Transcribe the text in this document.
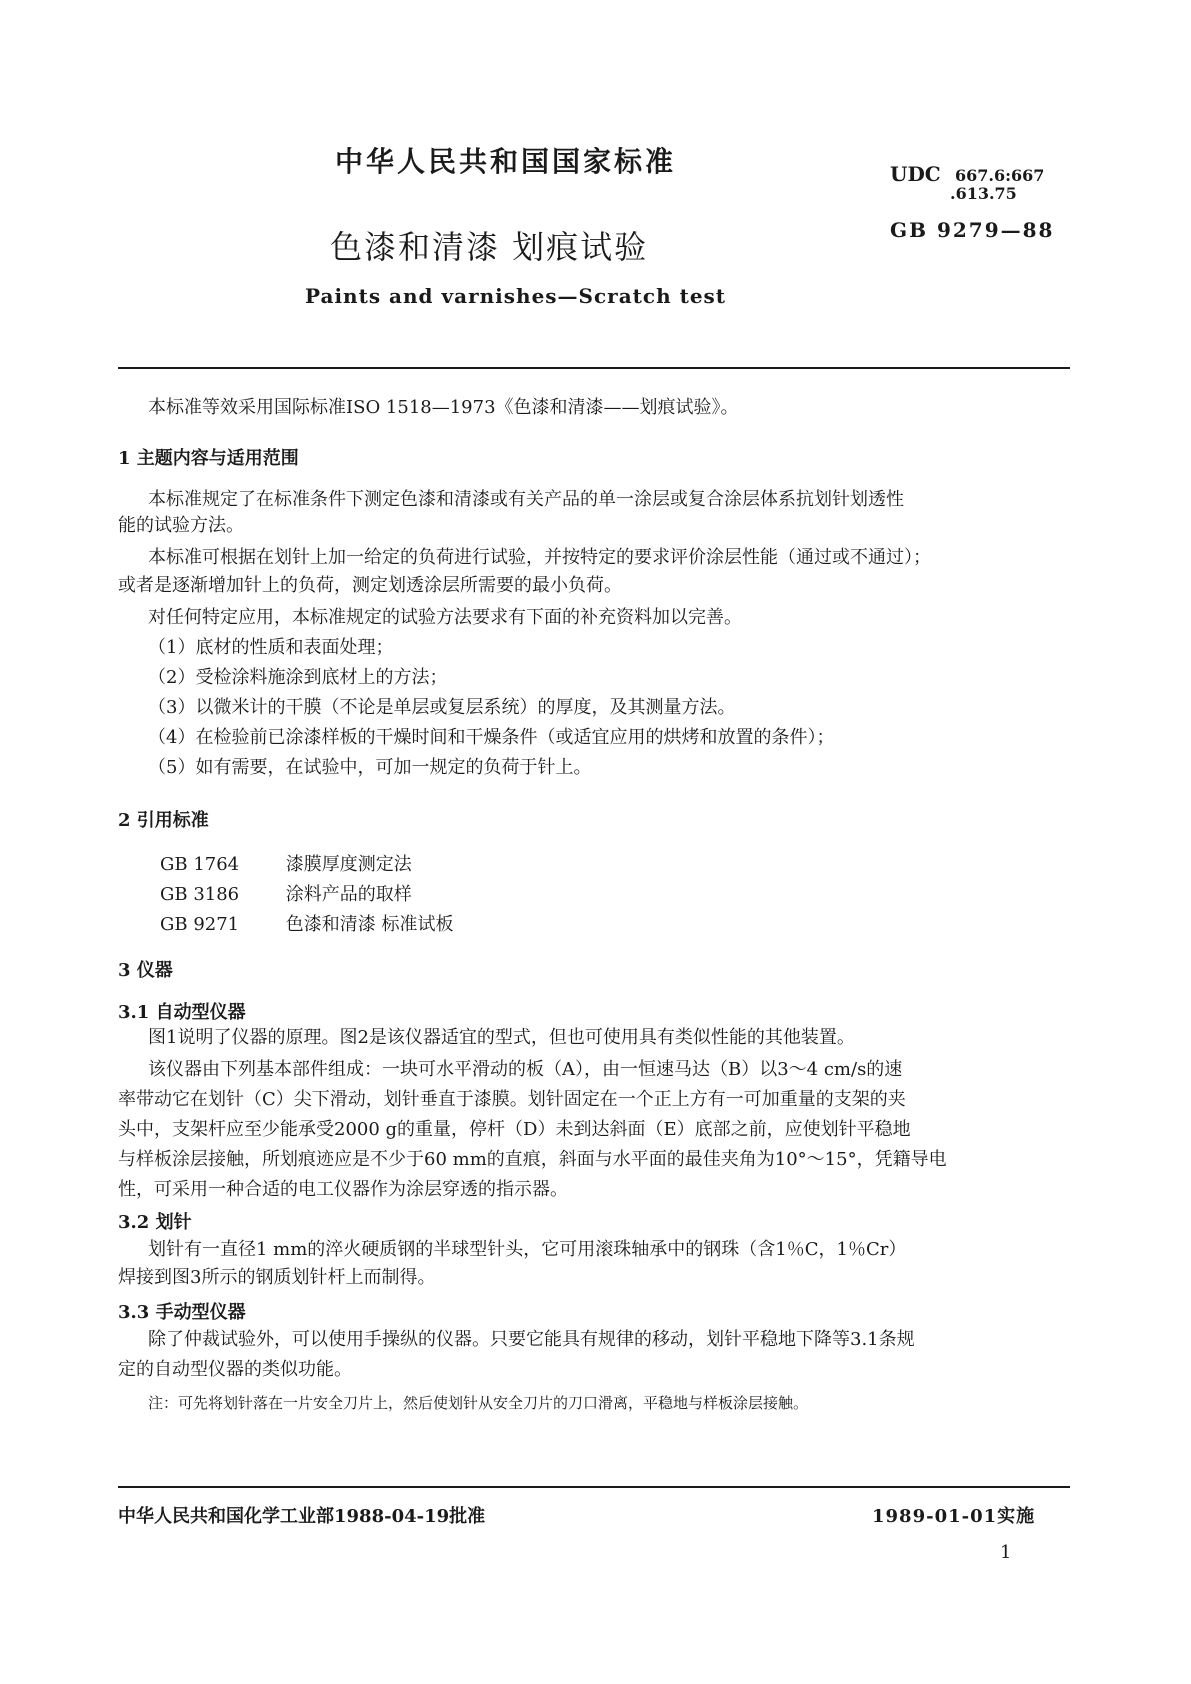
中华人民共和国国家标准	UDC 667.6:667
.613.75
GB 9279—88
色漆和清漆 划痕试验
Paints and varnishes—Scratch test
本标准等效采用国际标准ISO 1518—1973《色漆和清漆——划痕试验》。
1 主题内容与适用范围
本标准规定了在标准条件下测定色漆和清漆或有关产品的单一涂层或复合涂层体系抗划针划透性
能的试验方法。
本标准可根据在划针上加一给定的负荷进行试验，并按特定的要求评价涂层性能（通过或不通过）；
或者是逐渐增加针上的负荷，测定划透涂层所需要的最小负荷。
对任何特定应用，本标准规定的试验方法要求有下面的补充资料加以完善。
（1）底材的性质和表面处理；
（2）受检涂料施涂到底材上的方法；
（3）以微米计的干膜（不论是单层或复层系统）的厚度，及其测量方法。
（4）在检验前已涂漆样板的干燥时间和干燥条件（或适宜应用的烘烤和放置的条件）；
（5）如有需要，在试验中，可加一规定的负荷于针上。
2 引用标准
GB 1764	漆膜厚度测定法
GB 3186	涂料产品的取样
GB 9271	色漆和清漆 标准试板
3 仪器
3.1 自动型仪器
图1说明了仪器的原理。图2是该仪器适宜的型式，但也可使用具有类似性能的其他装置。
该仪器由下列基本部件组成：一块可水平滑动的板（A），由一恒速马达（B）以3～4 cm/s的速
率带动它在划针（C）尖下滑动，划针垂直于漆膜。划针固定在一个正上方有一可加重量的支架的夹
头中，支架杆应至少能承受2000 g的重量，停杆（D）未到达斜面（E）底部之前，应使划针平稳地
与样板涂层接触，所划痕迹应是不少于60 mm的直痕，斜面与水平面的最佳夹角为10°～15°，凭籍导电
性，可采用一种合适的电工仪器作为涂层穿透的指示器。
3.2 划针
划针有一直径1 mm的淬火硬质钢的半球型针头，它可用滚珠轴承中的钢珠（含1％C，1％Cr）
焊接到图3所示的钢质划针杆上而制得。
3.3 手动型仪器
除了仲裁试验外，可以使用手操纵的仪器。只要它能具有规律的移动，划针平稳地下降等3.1条规
定的自动型仪器的类似功能。
注：可先将划针落在一片安全刀片上，然后使划针从安全刀片的刀口滑离，平稳地与样板涂层接触。
中华人民共和国化学工业部1988-04-19批准	1989-01-01实施
1
